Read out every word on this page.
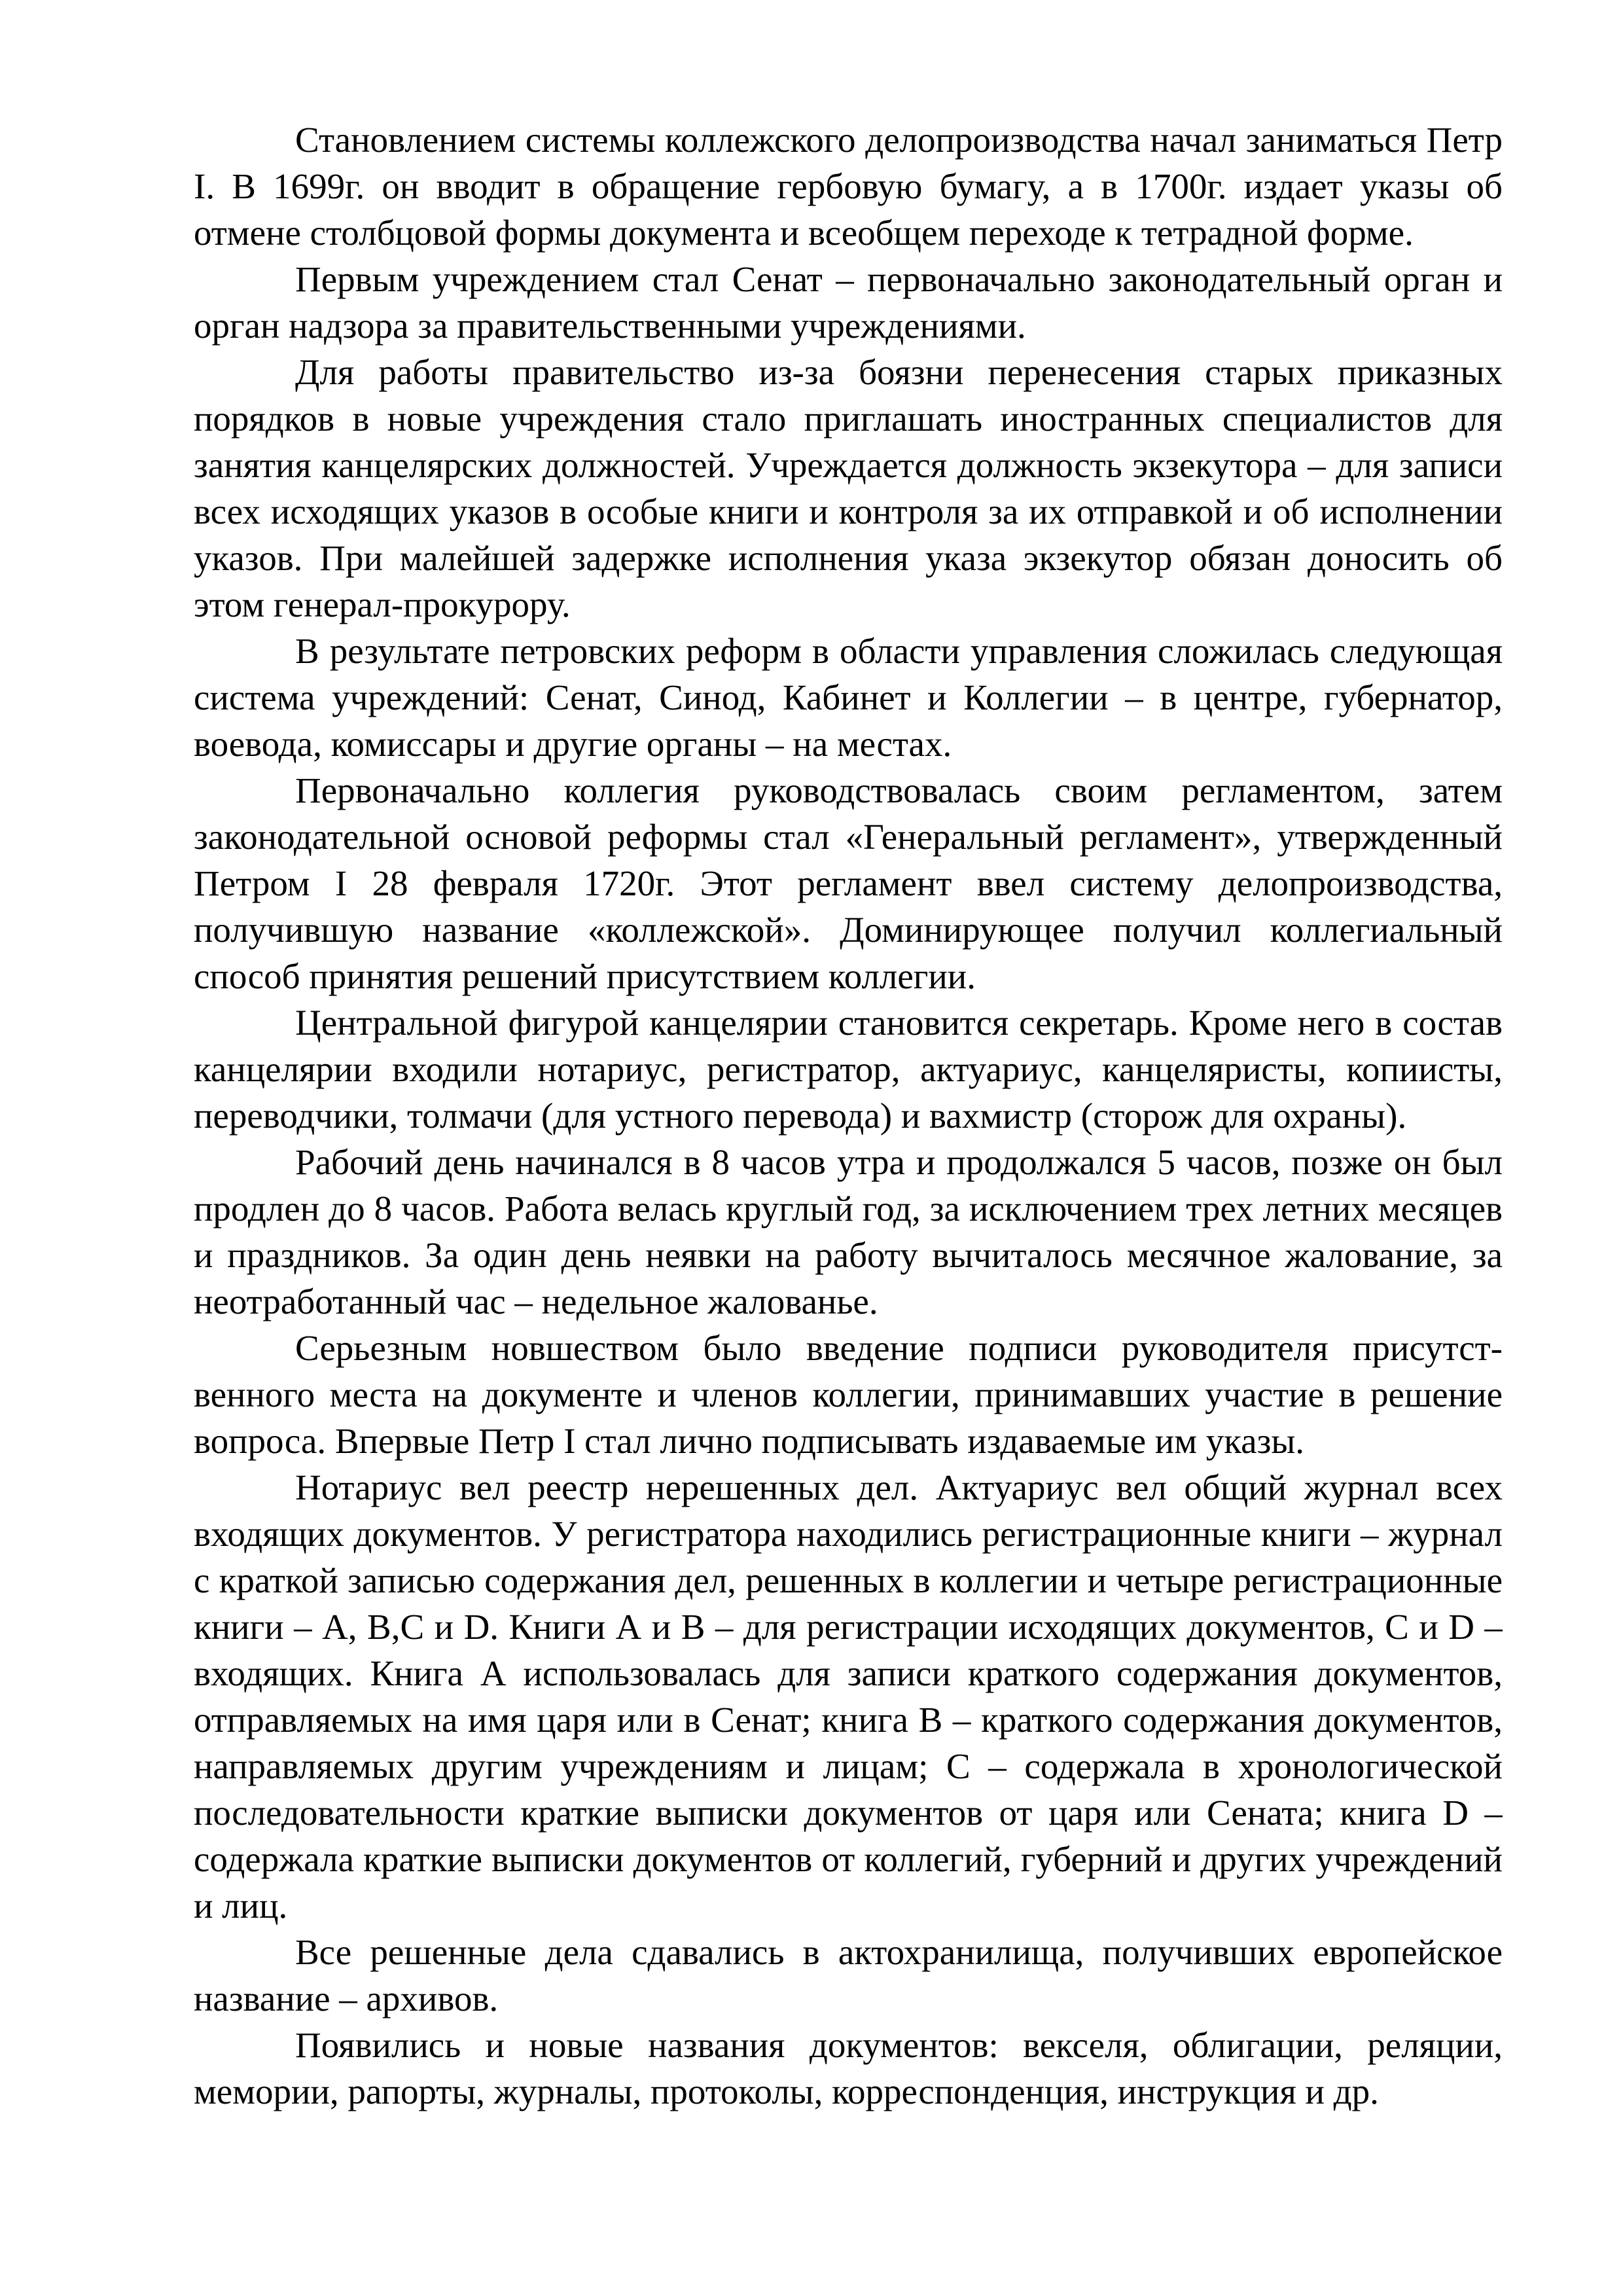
Становлением системы коллежского делопроизводства начал заниматься Петр I. В 1699г. он вводит в обращение гербовую бумагу, а в 1700г. издает указы об отмене столбцовой формы документа и всеобщем переходе к тетрадной форме.

Первым учреждением стал Сенат – первоначально законодательный орган и орган надзора за правительственными учреждениями.

Для работы правительство из-за боязни перенесения старых приказных порядков в новые учреждения стало приглашать иностранных специалистов для занятия канцелярских должностей. Учреждается должность экзекутора – для записи всех исходящих указов в особые книги и контроля за их отправкой и об исполнении указов. При малейшей задержке исполнения указа экзекутор обязан доносить об этом генерал-прокурору.

В результате петровских реформ в области управления сложилась следующая система учреждений: Сенат, Синод, Кабинет и Коллегии – в центре, губернатор, воевода, комиссары и другие органы – на местах.

Первоначально коллегия руководствовалась своим регламентом, затем законодательной основой реформы стал «Генеральный регламент», утвержденный Петром I 28 февраля 1720г. Этот регламент ввел систему делопроизводства, получившую название «коллежской». Доминирующее получил коллегиальный способ принятия решений присутствием коллегии.

Центральной фигурой канцелярии становится секретарь. Кроме него в состав канцелярии входили нотариус, регистратор, актуариус, канцеляристы, копиисты, переводчики, толмачи (для устного перевода) и вахмистр (сторож для охраны).

Рабочий день начинался в 8 часов утра и продолжался 5 часов, позже он был продлен до 8 часов. Работа велась круглый год, за исключением трех летних месяцев и праздников. За один день неявки на работу вычиталось месячное жалование, за неотработанный час – недельное жалованье.

Серьезным новшеством было введение подписи руководителя присутственного места на документе и членов коллегии, принимавших участие в решение вопроса. Впервые Петр I стал лично подписывать издаваемые им указы.

Нотариус вел реестр нерешенных дел. Актуариус вел общий журнал всех входящих документов. У регистратора находились регистрационные книги – журнал с краткой записью содержания дел, решенных в коллегии и четыре регистрационные книги – А, В,С и D. Книги А и В – для регистрации исходящих документов, С и D – входящих. Книга А использовалась для записи краткого содержания документов, отправляемых на имя царя или в Сенат; книга В – краткого содержания документов, направляемых другим учреждениям и лицам; С – содержала в хронологической последовательности краткие выписки документов от царя или Сената; книга D – содержала краткие выписки документов от коллегий, губерний и других учреждений и лиц.

Все решенные дела сдавались в актохранилища, получивших европейское название – архивов.

Появились и новые названия документов: векселя, облигации, реляции, мемории, рапорты, журналы, протоколы, корреспонденция, инструкция и др.
